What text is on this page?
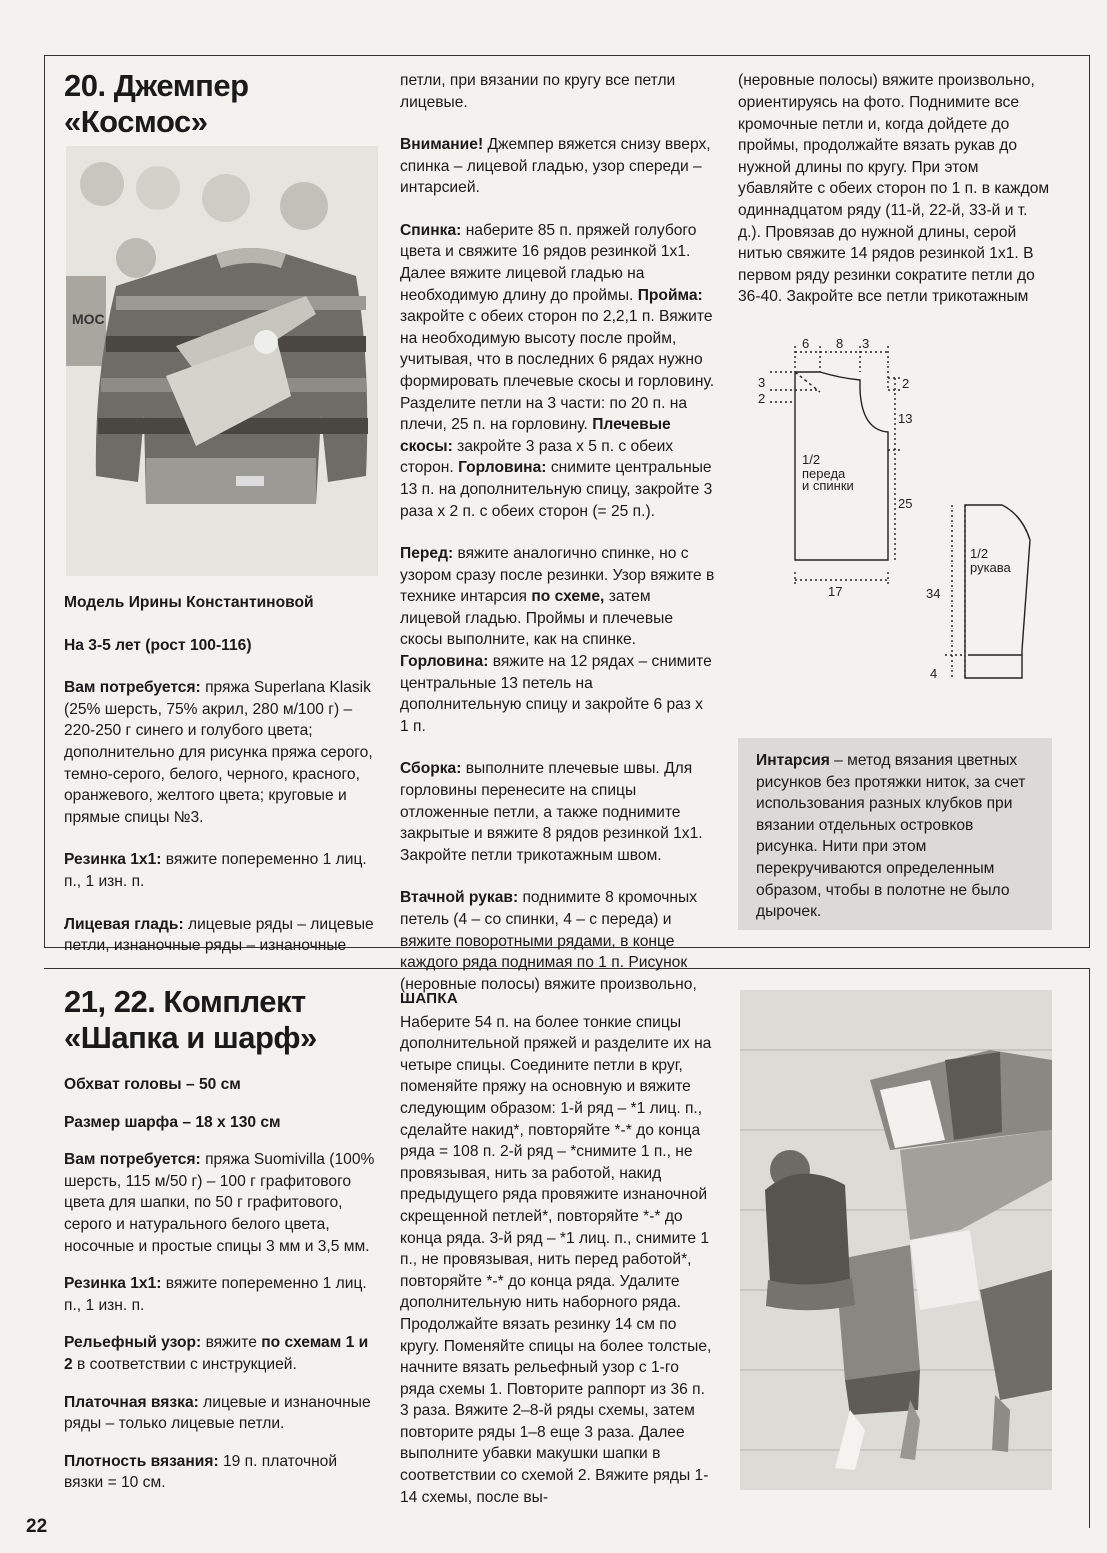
20. Джемпер
«Космос»
МОС

Модель Ирины Константиновой

На 3-5 лет (рост 100-116)

Вам потребуется: пряжа Superlana Klasik (25% шерсть, 75% акрил, 280 м/100 г) – 220-250 г синего и голубого цвета; дополнительно для рисунка пряжа серого, темно-серого, белого, черного, красного, оранжевого, желтого цвета; круговые и прямые спицы №3.

Резинка 1х1: вяжите попеременно 1 лиц. п., 1 изн. п.

Лицевая гладь: лицевые ряды – лицевые петли, изнаночные ряды – изнаночные

петли, при вязании по кругу все петли лицевые.

Внимание! Джемпер вяжется снизу вверх, спинка – лицевой гладью, узор спереди – интарсией.

Спинка: наберите 85 п. пряжей голубого цвета и свяжите 16 рядов резинкой 1х1. Далее вяжите лицевой гладью на необходимую длину до проймы. Пройма: закройте с обеих сторон по 2,2,1 п. Вяжите на необходимую высоту после пройм, учитывая, что в последних 6 рядах нужно формировать плечевые скосы и горловину. Разделите петли на 3 части: по 20 п. на плечи, 25 п. на горловину. Плечевые скосы: закройте 3 раза х 5 п. с обеих сторон. Горловина: снимите центральные 13 п. на дополнительную спицу, закройте 3 раза х 2 п. с обеих сторон (= 25 п.).

Перед: вяжите аналогично спинке, но с узором сразу после резинки. Узор вяжите в технике интарсия по схеме, затем лицевой гладью. Проймы и плечевые скосы выполните, как на спинке. Горловина: вяжите на 12 рядах – снимите центральные 13 петель на дополнительную спицу и закройте 6 раз х 1 п.

Сборка: выполните плечевые швы. Для горловины перенесите на спицы отложенные петли, а также поднимите закрытые и вяжите 8 рядов резинкой 1х1. Закройте петли трикотажным швом.

Втачной рукав: поднимите 8 кромочных петель (4 – со спинки, 4 – с переда) и вяжите поворотными рядами, в конце каждого ряда поднимая по 1 п. Рисунок (неровные полосы) вяжите произвольно,

(неровные полосы) вяжите произвольно, ориентируясь на фото. Поднимите все кромочные петли и, когда дойдете до проймы, продолжайте вязать рукав до нужной длины по кругу. При этом убавляйте с обеих сторон по 1 п. в каждом одиннадцатом ряду (11-й, 22-й, 33-й и т. д.). Провязав до нужной длины, серой нитью свяжите 14 рядов резинкой 1х1. В первом ряду резинки сократите петли до 36-40. Закройте все петли трикотажным
6 8 3
3
2
2
13
25
1/2
переда
и спинки
17
1/2
рукава
34
4
Интарсия – метод вязания цветных рисунков без протяжки ниток, за счет использования разных клубков при вязании отдельных островков рисунка. Нити при этом перекручиваются определенным образом, чтобы в полотне не было дырочек.
21, 22. Комплект
«Шапка и шарф»

Обхват головы – 50 см

Размер шарфа – 18 х 130 см

Вам потребуется: пряжа Suomivilla (100% шерсть, 115 м/50 г) – 100 г графитового цвета для шапки, по 50 г графитового, серого и натурального белого цвета, носочные и простые спицы 3 мм и 3,5 мм.

Резинка 1х1: вяжите попеременно 1 лиц. п., 1 изн. п.

Рельефный узор: вяжите по схемам 1 и 2 в соответствии с инструкцией.

Платочная вязка: лицевые и изнаночные ряды – только лицевые петли.

Плотность вязания: 19 п. платочной вязки = 10 см.

ШАПКА
Наберите 54 п. на более тонкие спицы дополнительной пряжей и разделите их на четыре спицы. Соедините петли в круг, поменяйте пряжу на основную и вяжите следующим образом: 1-й ряд – *1 лиц. п., сделайте накид*, повторяйте *-* до конца ряда = 108 п. 2-й ряд – *снимите 1 п., не провязывая, нить за работой, накид предыдущего ряда провяжите изнаночной скрещенной петлей*, повторяйте *-* до конца ряда. 3-й ряд – *1 лиц. п., снимите 1 п., не провязывая, нить перед работой*, повторяйте *-* до конца ряда. Удалите дополнительную нить наборного ряда. Продолжайте вязать резинку 14 см по кругу. Поменяйте спицы на более толстые, начните вязать рельефный узор с 1-го ряда схемы 1. Повторите раппорт из 36 п. 3 раза. Вяжите 2–8-й ряды схемы, затем повторите ряды 1–8 еще 3 раза. Далее выполните убавки макушки шапки в соответствии со схемой 2. Вяжите ряды 1-14 схемы, после вы-
22
